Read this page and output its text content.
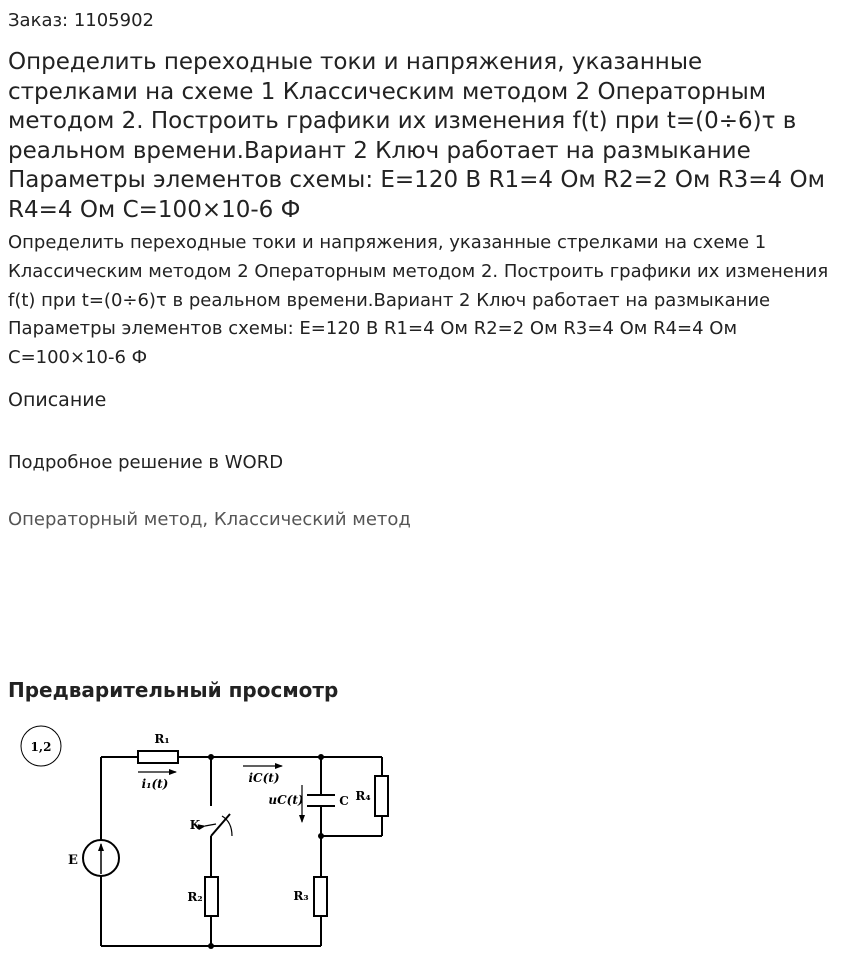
Заказ: 1105902

Определить переходные токи и напряжения, указанные стрелками на схеме 1 Классическим методом 2 Операторным методом 2. Построить графики их изменения f(t) при t=(0÷6)τ в реальном времени.Вариант 2 Ключ работает на размыкание Параметры элементов схемы: E=120 В R1=4 Ом R2=2 Ом R3=4 Ом R4=4 Ом C=100×10-6 Ф

Определить переходные токи и напряжения, указанные стрелками на схеме 1 Классическим методом 2 Операторным методом 2. Построить графики их изменения f(t) при t=(0÷6)τ в реальном времени.Вариант 2 Ключ работает на размыкание Параметры элементов схемы: E=120 В R1=4 Ом R2=2 Ом R3=4 Ом R4=4 Ом C=100×10-6 Ф

Описание

Подробное решение в WORD

Операторный метод, Классический метод

Предварительный просмотр
1,2
R₁
i₁(t)	iC(t)
C
uC(t)	R₄
K
R₂	R₃
E
